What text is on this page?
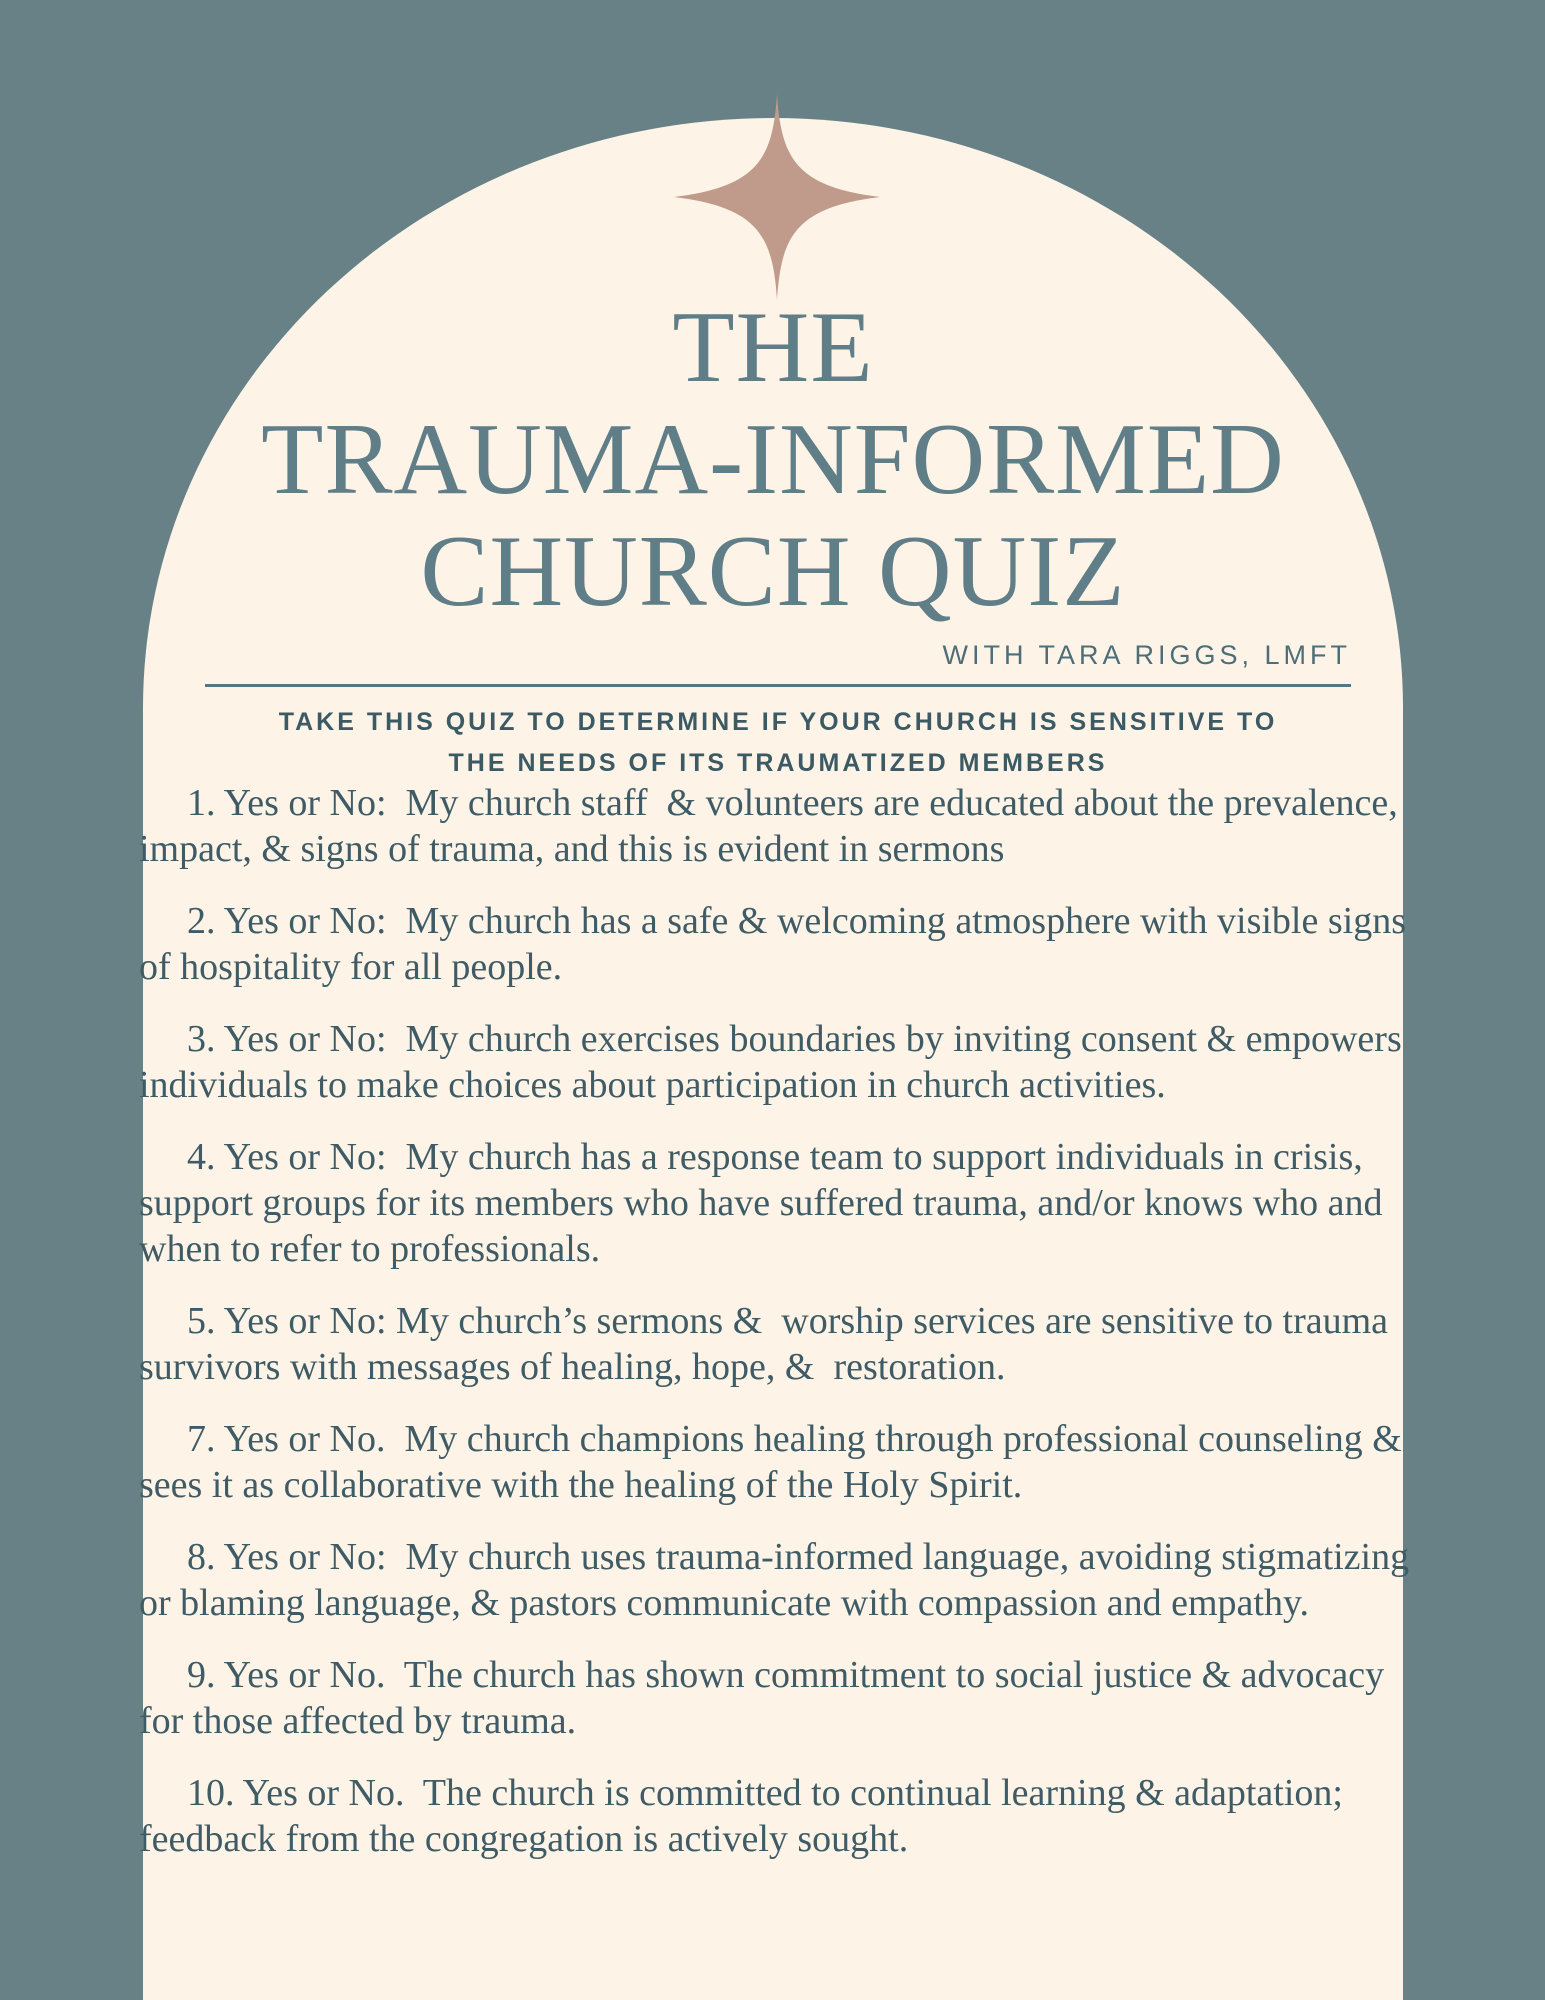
THE
TRAUMA-INFORMED
CHURCH QUIZ
WITH TARA RIGGS, LMFT
TAKE THIS QUIZ TO DETERMINE IF YOUR CHURCH IS SENSITIVE TO
THE NEEDS OF ITS TRAUMATIZED MEMBERS

1. Yes or No:  My church staff  & volunteers are educated about the prevalence,  impact, & signs of trauma, and this is evident in sermons

2. Yes or No:  My church has a safe & welcoming atmosphere with visible signs of hospitality for all people.

3. Yes or No:  My church exercises boundaries by inviting consent & empowers individuals to make choices about participation in church activities.

4. Yes or No:  My church has a response team to support individuals in crisis, support groups for its members who have suffered trauma, and/or knows who and when to refer to professionals.

5. Yes or No: My church’s sermons &  worship services are sensitive to trauma survivors with messages of healing, hope, &  restoration.

7. Yes or No.  My church champions healing through professional counseling & sees it as collaborative with the healing of the Holy Spirit.

8. Yes or No:  My church uses trauma-informed language, avoiding stigmatizing or blaming language, & pastors communicate with compassion and empathy.

9. Yes or No.  The church has shown commitment to social justice & advocacy for those affected by trauma.

10. Yes or No.  The church is committed to continual learning & adaptation;  feedback from the congregation is actively sought.
